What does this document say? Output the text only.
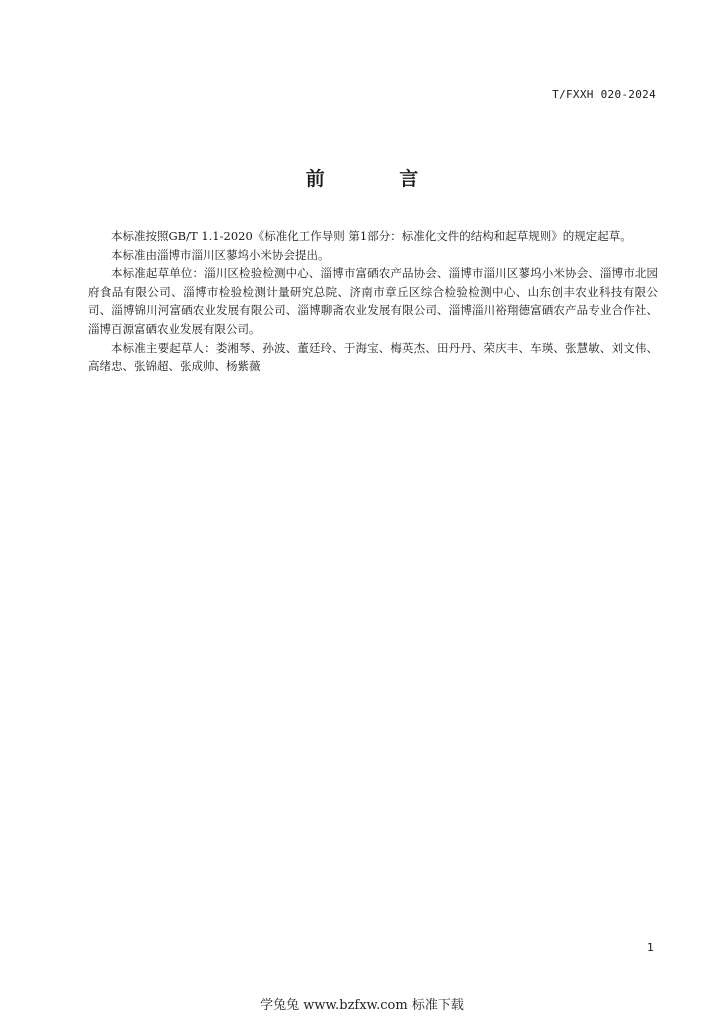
T/FXXH 020-2024
前 言

本标准按照GB/T 1.1-2020《标准化工作导则 第1部分：标准化文件的结构和起草规则》的规定起草。

本标准由淄博市淄川区蓼坞小米协会提出。

本标准起草单位：淄川区检验检测中心、淄博市富硒农产品协会、淄博市淄川区蓼坞小米协会、淄博市北园府食品有限公司、淄博市检验检测计量研究总院、济南市章丘区综合检验检测中心、山东创丰农业科技有限公司、淄博锦川河富硒农业发展有限公司、淄博聊斋农业发展有限公司、淄博淄川裕翔德富硒农产品专业合作社、淄博百源富硒农业发展有限公司。

本标准主要起草人：娄湘琴、孙波、董廷玲、于海宝、梅英杰、田丹丹、荣庆丰、车瑛、张慧敏、刘文伟、高绪忠、张锦超、张成帅、杨紫薇

1
学兔兔 www.bzfxw.com 标准下载
